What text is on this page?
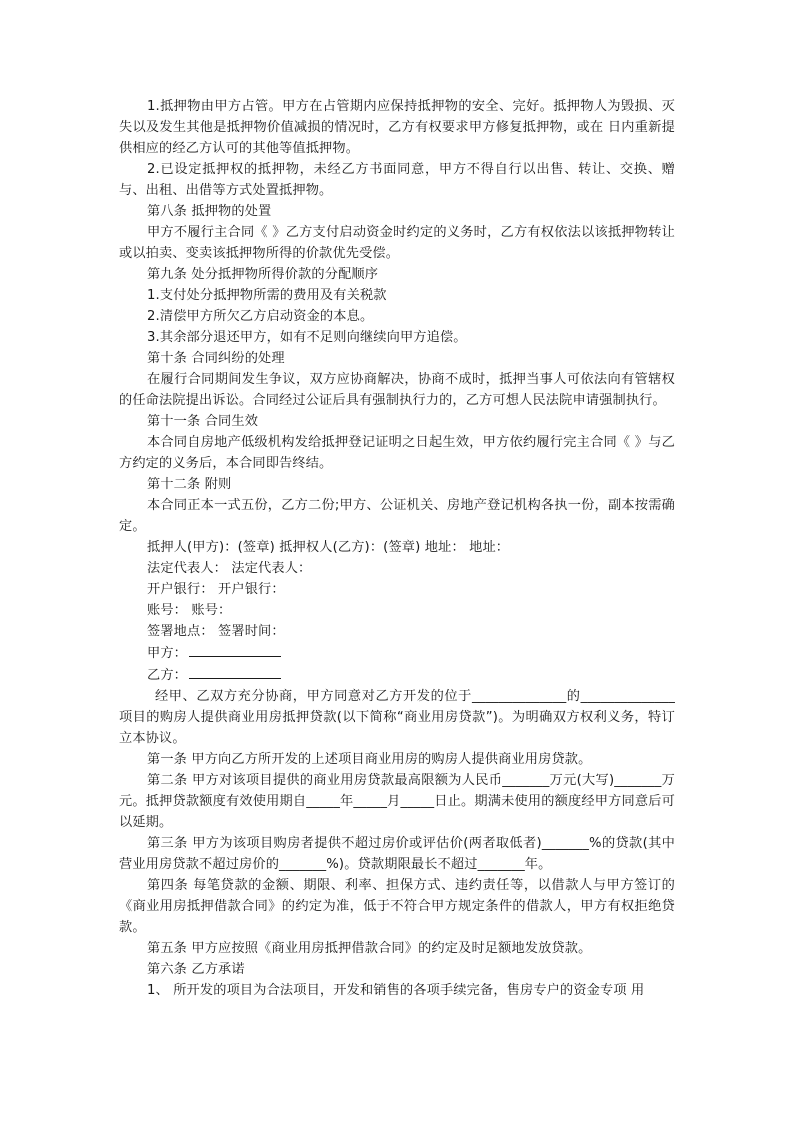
1.抵押物由甲方占管。甲方在占管期内应保持抵押物的安全、完好。抵押物人为毁损、灭失以及发生其他是抵押物价值减损的情况时，乙方有权要求甲方修复抵押物，或在 日内重新提供相应的经乙方认可的其他等值抵押物。

2.已设定抵押权的抵押物，未经乙方书面同意，甲方不得自行以出售、转让、交换、赠与、出租、出借等方式处置抵押物。

第八条 抵押物的处置

甲方不履行主合同《 》乙方支付启动资金时约定的义务时，乙方有权依法以该抵押物转让或以拍卖、变卖该抵押物所得的价款优先受偿。

第九条 处分抵押物所得价款的分配顺序

1.支付处分抵押物所需的费用及有关税款

2.清偿甲方所欠乙方启动资金的本息。

3.其余部分退还甲方，如有不足则向继续向甲方追偿。

第十条 合同纠纷的处理

在履行合同期间发生争议，双方应协商解决，协商不成时，抵押当事人可依法向有管辖权的任命法院提出诉讼。合同经过公证后具有强制执行力的，乙方可想人民法院申请强制执行。

第十一条 合同生效

本合同自房地产低级机构发给抵押登记证明之日起生效，甲方依约履行完主合同《 》与乙方约定的义务后，本合同即告终结。

第十二条 附则

本合同正本一式五份，乙方二份;甲方、公证机关、房地产登记机构各执一份，副本按需确定。

抵押人(甲方)：(签章) 抵押权人(乙方)：(签章) 地址： 地址：
法定代表人： 法定代表人：
开户银行： 开户银行：
账号： 账号：
签署地点： 签署时间：
甲方：
乙方：

经甲、乙双方充分协商，甲方同意对乙方开发的位于______________的______________项目的购房人提供商业用房抵押贷款(以下简称“商业用房贷款”)。为明确双方权利义务，特订立本协议。

第一条 甲方向乙方所开发的上述项目商业用房的购房人提供商业用房贷款。

第二条 甲方对该项目提供的商业用房贷款最高限额为人民币_______万元(大写)_______万元。抵押贷款额度有效使用期自_____年_____月_____日止。期满未使用的额度经甲方同意后可以延期。

第三条 甲方为该项目购房者提供不超过房价或评估价(两者取低者)_______%的贷款(其中营业用房贷款不超过房价的_______%)。贷款期限最长不超过_______年。

第四条 每笔贷款的金额、期限、利率、担保方式、违约责任等，以借款人与甲方签订的《商业用房抵押借款合同》的约定为准，低于不符合甲方规定条件的借款人，甲方有权拒绝贷款。

第五条 甲方应按照《商业用房抵押借款合同》的约定及时足额地发放贷款。

第六条 乙方承诺

1、 所开发的项目为合法项目，开发和销售的各项手续完备，售房专户的资金专项 用
